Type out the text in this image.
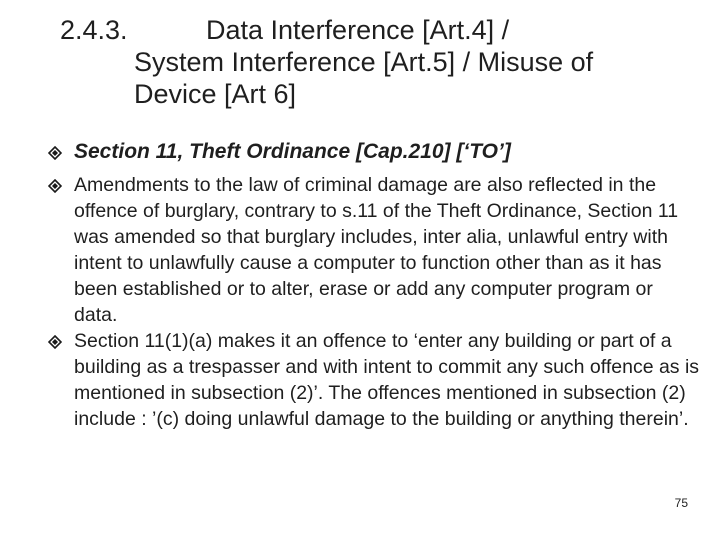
2.4.3.	Data Interference [Art.4] /
System Interference [Art.5] / Misuse of
Device [Art 6]
Section 11, Theft Ordinance [Cap.210] [‘TO’]
Amendments to the law of criminal damage are also reflected in the offence of burglary, contrary to s.11 of the Theft Ordinance, Section 11 was amended so that burglary includes, inter alia, unlawful entry with intent to unlawfully cause a computer to function other than as it has been established or to alter, erase or add any computer program or data.
Section 11(1)(a) makes it an offence to ‘enter any building or part of a building as a trespasser and with intent to commit any such offence as is mentioned in subsection (2)’. The offences mentioned in subsection (2) include : ’(c) doing unlawful damage to the building or anything therein’.
75
